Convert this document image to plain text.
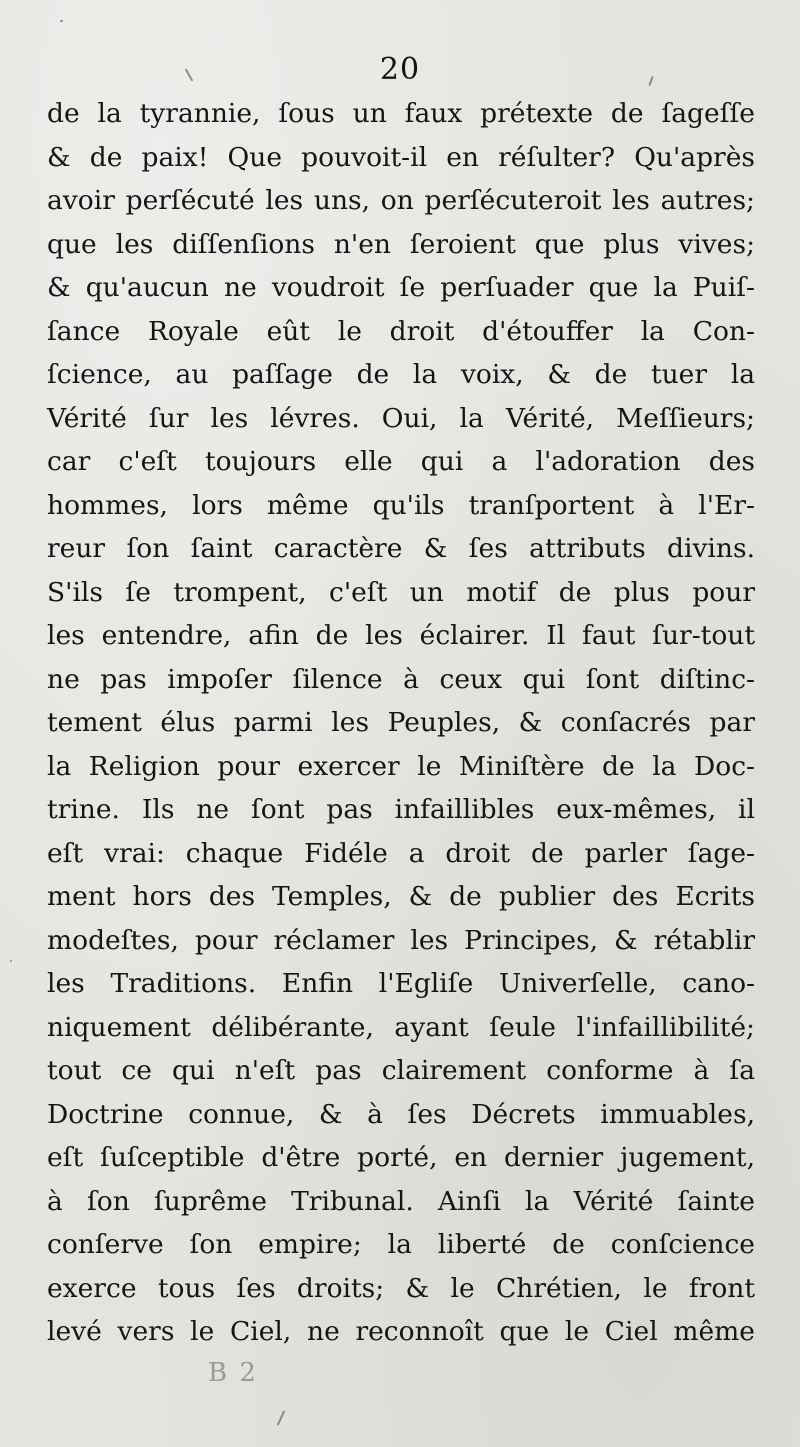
20
de la tyrannie, ſous un faux prétexte de ſageſſe
& de paix! Que pouvoit-il en réſulter? Qu'après
avoir perſécuté les uns, on perſécuteroit les autres;
que les diſſenſions n'en ſeroient que plus vives;
& qu'aucun ne voudroit ſe perſuader que la Puiſ-
ſance Royale eût le droit d'étouffer la Con-
ſcience, au paſſage de la voix, & de tuer la
Vérité ſur les lévres. Oui, la Vérité, Meſſieurs;
car c'eſt toujours elle qui a l'adoration des
hommes, lors même qu'ils tranſportent à l'Er-
reur ſon ſaint caractère & ſes attributs divins.
S'ils ſe trompent, c'eſt un motif de plus pour
les entendre, afin de les éclairer. Il faut ſur-tout
ne pas impoſer ſilence à ceux qui ſont diſtinc-
tement élus parmi les Peuples, & conſacrés par
la Religion pour exercer le Miniſtère de la Doc-
trine. Ils ne ſont pas infaillibles eux-mêmes, il
eſt vrai: chaque Fidéle a droit de parler ſage-
ment hors des Temples, & de publier des Ecrits
modeſtes, pour réclamer les Principes, & rétablir
les Traditions. Enfin l'Egliſe Univerſelle, cano-
niquement délibérante, ayant ſeule l'infaillibilité;
tout ce qui n'eſt pas clairement conforme à ſa
Doctrine connue, & à ſes Décrets immuables,
eſt ſuſceptible d'être porté, en dernier jugement,
à ſon ſuprême Tribunal. Ainſi la Vérité ſainte
conſerve ſon empire; la liberté de conſcience
exerce tous ſes droits; & le Chrétien, le front
levé vers le Ciel, ne reconnoît que le Ciel même
B 2
